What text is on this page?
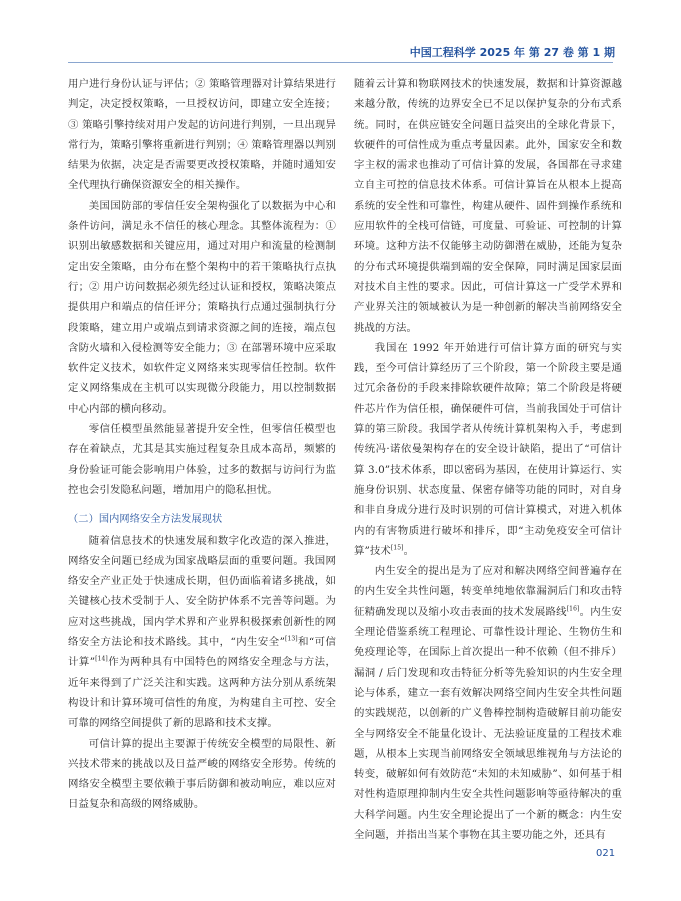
中国工程科学 2025 年 第 27 卷 第 1 期

用户进行身份认证与评估；② 策略管理器对计算结果进行判定，决定授权策略，一旦授权访问，即建立安全连接；③ 策略引擎持续对用户发起的访问进行判别，一旦出现异常行为，策略引擎将重新进行判别；④ 策略管理器以判别结果为依据，决定是否需要更改授权策略，并随时通知安全代理执行确保资源安全的相关操作。

美国国防部的零信任安全架构强化了以数据为中心和条件访问，满足永不信任的核心理念。其整体流程为：① 识别出敏感数据和关键应用，通过对用户和流量的检测制定出安全策略，由分布在整个架构中的若干策略执行点执行；② 用户访问数据必须先经过认证和授权，策略决策点提供用户和端点的信任评分；策略执行点通过强制执行分段策略，建立用户或端点到请求资源之间的连接，端点包含防火墙和入侵检测等安全能力；③ 在部署环境中应采取软件定义技术，如软件定义网络来实现零信任控制。软件定义网络集成在主机可以实现微分段能力，用以控制数据中心内部的横向移动。

零信任模型虽然能显著提升安全性，但零信任模型也存在着缺点，尤其是其实施过程复杂且成本高昂，频繁的身份验证可能会影响用户体验，过多的数据与访问行为监控也会引发隐私问题，增加用户的隐私担忧。

（二）国内网络安全方法发展现状

随着信息技术的快速发展和数字化改造的深入推进，网络安全问题已经成为国家战略层面的重要问题。我国网络安全产业正处于快速成长期，但仍面临着诸多挑战，如关键核心技术受制于人、安全防护体系不完善等问题。为应对这些挑战，国内学术界和产业界积极探索创新性的网络安全方法论和技术路线。其中，“内生安全”[13]和“可信计算”[14]作为两种具有中国特色的网络安全理念与方法，近年来得到了广泛关注和实践。这两种方法分别从系统架构设计和计算环境可信性的角度，为构建自主可控、安全可靠的网络空间提供了新的思路和技术支撑。

可信计算的提出主要源于传统安全模型的局限性、新兴技术带来的挑战以及日益严峻的网络安全形势。传统的网络安全模型主要依赖于事后防御和被动响应，难以应对日益复杂和高级的网络威胁。

随着云计算和物联网技术的快速发展，数据和计算资源越来越分散，传统的边界安全已不足以保护复杂的分布式系统。同时，在供应链安全问题日益突出的全球化背景下，软硬件的可信性成为重点考量因素。此外，国家安全和数字主权的需求也推动了可信计算的发展，各国都在寻求建立自主可控的信息技术体系。可信计算旨在从根本上提高系统的安全性和可靠性，构建从硬件、固件到操作系统和应用软件的全栈可信链，可度量、可验证、可控制的计算环境。这种方法不仅能够主动防御潜在威胁，还能为复杂的分布式环境提供端到端的安全保障，同时满足国家层面对技术自主性的要求。因此，可信计算这一广受学术界和产业界关注的领域被认为是一种创新的解决当前网络安全挑战的方法。

我国在 1992 年开始进行可信计算方面的研究与实践，至今可信计算经历了三个阶段，第一个阶段主要是通过冗余备份的手段来排除软硬件故障；第二个阶段是将硬件芯片作为信任根，确保硬件可信，当前我国处于可信计算的第三阶段。我国学者从传统计算机架构入手，考虑到传统冯·诺依曼架构存在的安全设计缺陷，提出了“可信计算 3.0”技术体系，即以密码为基因，在使用计算运行、实施身份识别、状态度量、保密存储等功能的同时，对自身和非自身成分进行及时识别的可信计算模式，对进入机体内的有害物质进行破坏和排斥，即“主动免疫安全可信计算”技术[15]。

内生安全的提出是为了应对和解决网络空间普遍存在的内生安全共性问题，转变单纯地依靠漏洞后门和攻击特征精确发现以及缩小攻击表面的技术发展路线[16]。内生安全理论借鉴系统工程理论、可靠性设计理论、生物仿生和免疫理论等，在国际上首次提出一种不依赖（但不排斥）漏洞 / 后门发现和攻击特征分析等先验知识的内生安全理论与体系，建立一套有效解决网络空间内生安全共性问题的实践规范，以创新的广义鲁棒控制构造破解目前功能安全与网络安全不能量化设计、无法验证度量的工程技术难题，从根本上实现当前网络安全领域思维视角与方法论的转变，破解如何有效防范“未知的未知威胁”、如何基于相对性构造原理抑制内生安全共性问题影响等亟待解决的重大科学问题。内生安全理论提出了一个新的概念：内生安全问题，并指出当某个事物在其主要功能之外，还具有

021
